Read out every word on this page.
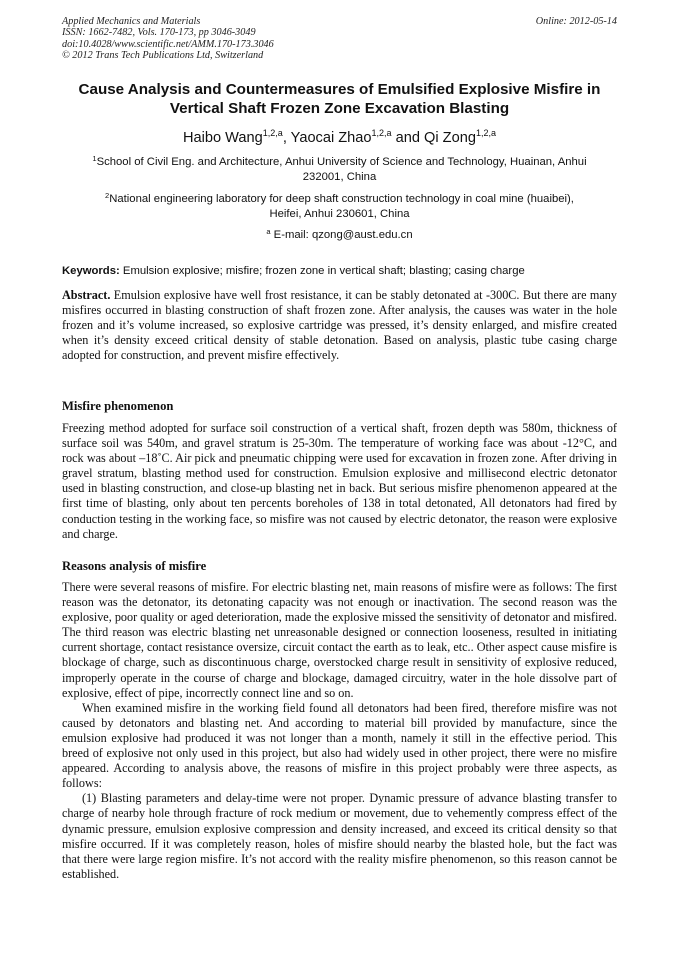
Applied Mechanics and Materials
ISSN: 1662-7482, Vols. 170-173, pp 3046-3049
doi:10.4028/www.scientific.net/AMM.170-173.3046
© 2012 Trans Tech Publications Ltd, Switzerland
Online: 2012-05-14
Cause Analysis and Countermeasures of Emulsified Explosive Misfire in
Vertical Shaft Frozen Zone Excavation Blasting
Haibo Wang$^{1,2,a}$, Yaocai Zhao$^{1,2,a}$ and Qi Zong$^{1,2,a}$
$^1$School of Civil Eng. and Architecture, Anhui University of Science and Technology, Huainan, Anhui
232001, China
$^2$National engineering laboratory for deep shaft construction technology in coal mine (huaibei),
Heifei, Anhui 230601, China
$^a$ E-mail: qzong@aust.edu.cn
Keywords: Emulsion explosive; misfire; frozen zone in vertical shaft; blasting; casing charge

Abstract. Emulsion explosive have well frost resistance, it can be stably detonated at -300C. But there are many misfires occurred in blasting construction of shaft frozen zone. After analysis, the causes was water in the hole frozen and it’s volume increased, so explosive cartridge was pressed, it’s density enlarged, and misfire created when it’s density exceed critical density of stable detonation. Based on analysis, plastic tube casing charge adopted for construction, and prevent misfire effectively.

Misfire phenomenon

Freezing method adopted for surface soil construction of a vertical shaft, frozen depth was 580m, thickness of surface soil was 540m, and gravel stratum is 25-30m. The temperature of working face was about -12°C, and rock was about –18˚C. Air pick and pneumatic chipping were used for excavation in frozen zone. After driving in gravel stratum, blasting method used for construction. Emulsion explosive and millisecond electric detonator used in blasting construction, and close-up blasting net in back. But serious misfire phenomenon appeared at the first time of blasting, only about ten percents boreholes of 138 in total detonated, All detonators had fired by conduction testing in the working face, so misfire was not caused by electric detonator, the reason were explosive and charge.

Reasons analysis of misfire

There were several reasons of misfire. For electric blasting net, main reasons of misfire were as follows: The first reason was the detonator, its detonating capacity was not enough or inactivation. The second reason was the explosive, poor quality or aged deterioration, made the explosive missed the sensitivity of detonator and misfired. The third reason was electric blasting net unreasonable designed or connection looseness, resulted in initiating current shortage, contact resistance oversize, circuit contact the earth as to leak, etc.. Other aspect cause misfire is blockage of charge, such as discontinuous charge, overstocked charge result in sensitivity of explosive reduced, improperly operate in the course of charge and blockage, damaged circuitry, water in the hole dissolve part of explosive, effect of pipe, incorrectly connect line and so on.

When examined misfire in the working field found all detonators had been fired, therefore misfire was not caused by detonators and blasting net. And according to material bill provided by manufacture, since the emulsion explosive had produced it was not longer than a month, namely it still in the effective period. This breed of explosive not only used in this project, but also had widely used in other project, there were no misfire appeared. According to analysis above, the reasons of misfire in this project probably were three aspects, as follows:

(1) Blasting parameters and delay-time were not proper. Dynamic pressure of advance blasting transfer to charge of nearby hole through fracture of rock medium or movement, due to vehemently compress effect of the dynamic pressure, emulsion explosive compression and density increased, and exceed its critical density so that misfire occurred. If it was completely reason, holes of misfire should nearby the blasted hole, but the fact was that there were large region misfire. It’s not accord with the reality misfire phenomenon, so this reason cannot be established.
